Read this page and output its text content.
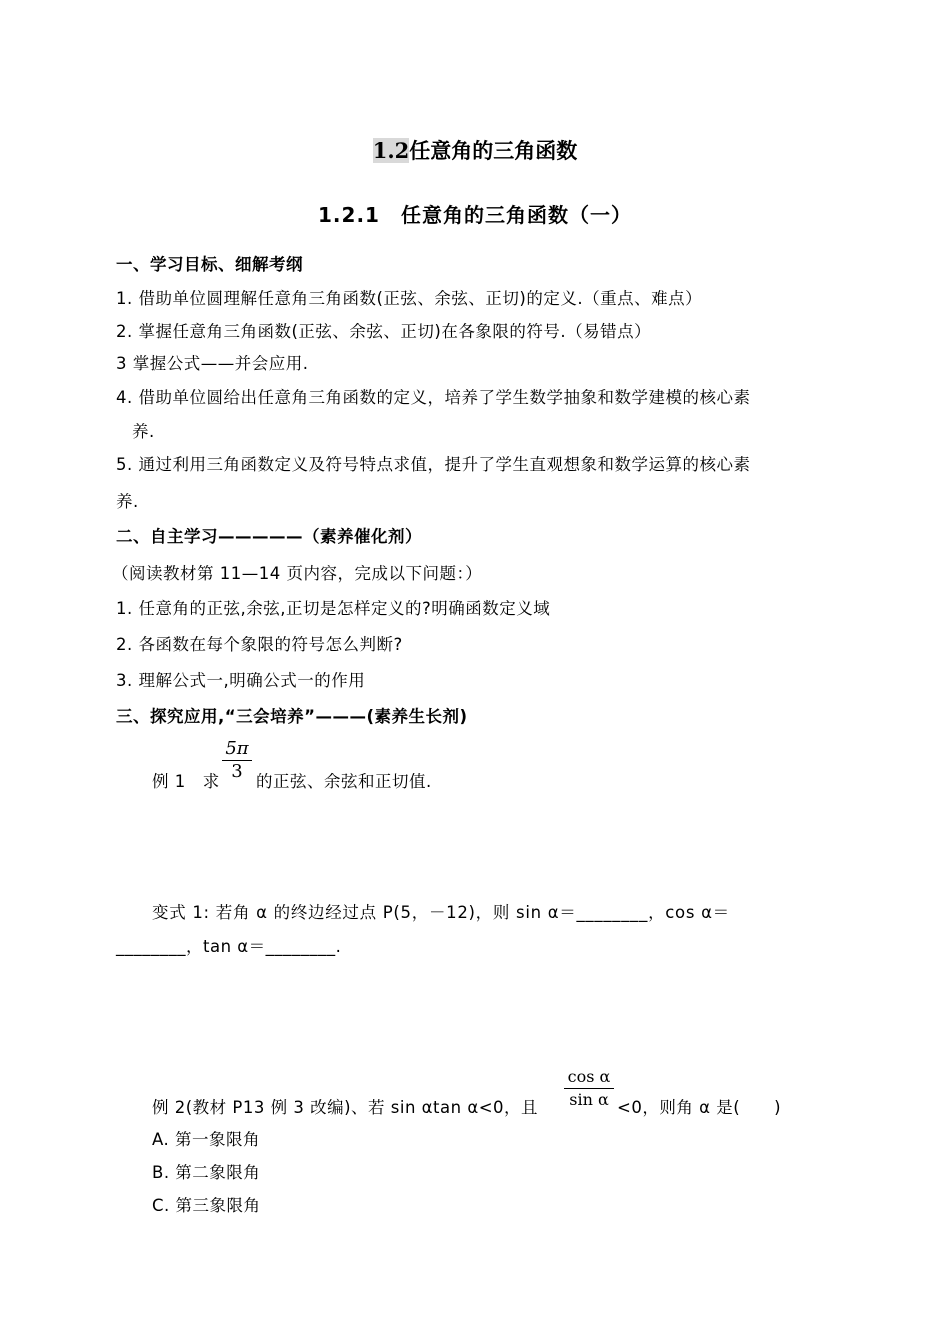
1.2任意角的三角函数
1.2.1　任意角的三角函数（一）
一、学习目标、细解考纲
1. 借助单位圆理解任意角三角函数(正弦、余弦、正切)的定义.（重点、难点）
2. 掌握任意角三角函数(正弦、余弦、正切)在各象限的符号.（易错点）
3 掌握公式——并会应用.
4. 借助单位圆给出任意角三角函数的定义，培养了学生数学抽象和数学建模的核心素
养.
5. 通过利用三角函数定义及符号特点求值，提升了学生直观想象和数学运算的核心素
养.
二、自主学习—————（素养催化剂）
（阅读教材第 11—14 页内容，完成以下问题：）
1. 任意角的正弦,余弦,正切是怎样定义的?明确函数定义域
2. 各函数在每个象限的符号怎么判断?
3. 理解公式一,明确公式一的作用
三、探究应用,“三会培养”———(素养生长剂)
例 1　求 $\frac{5\pi}{3}$ 的正弦、余弦和正切值.
变式 1: 若角 α 的终边经过点 P(5，－12)，则 sin α＝________，cos α＝
________，tan α＝________.
例 2(教材 P13 例 3 改编)、若 sin αtan α<0，且 $\frac{\text{cos α}}{\text{sin α}} <0$，则角 α 是(　　)
A. 第一象限角
B. 第二象限角
C. 第三象限角
